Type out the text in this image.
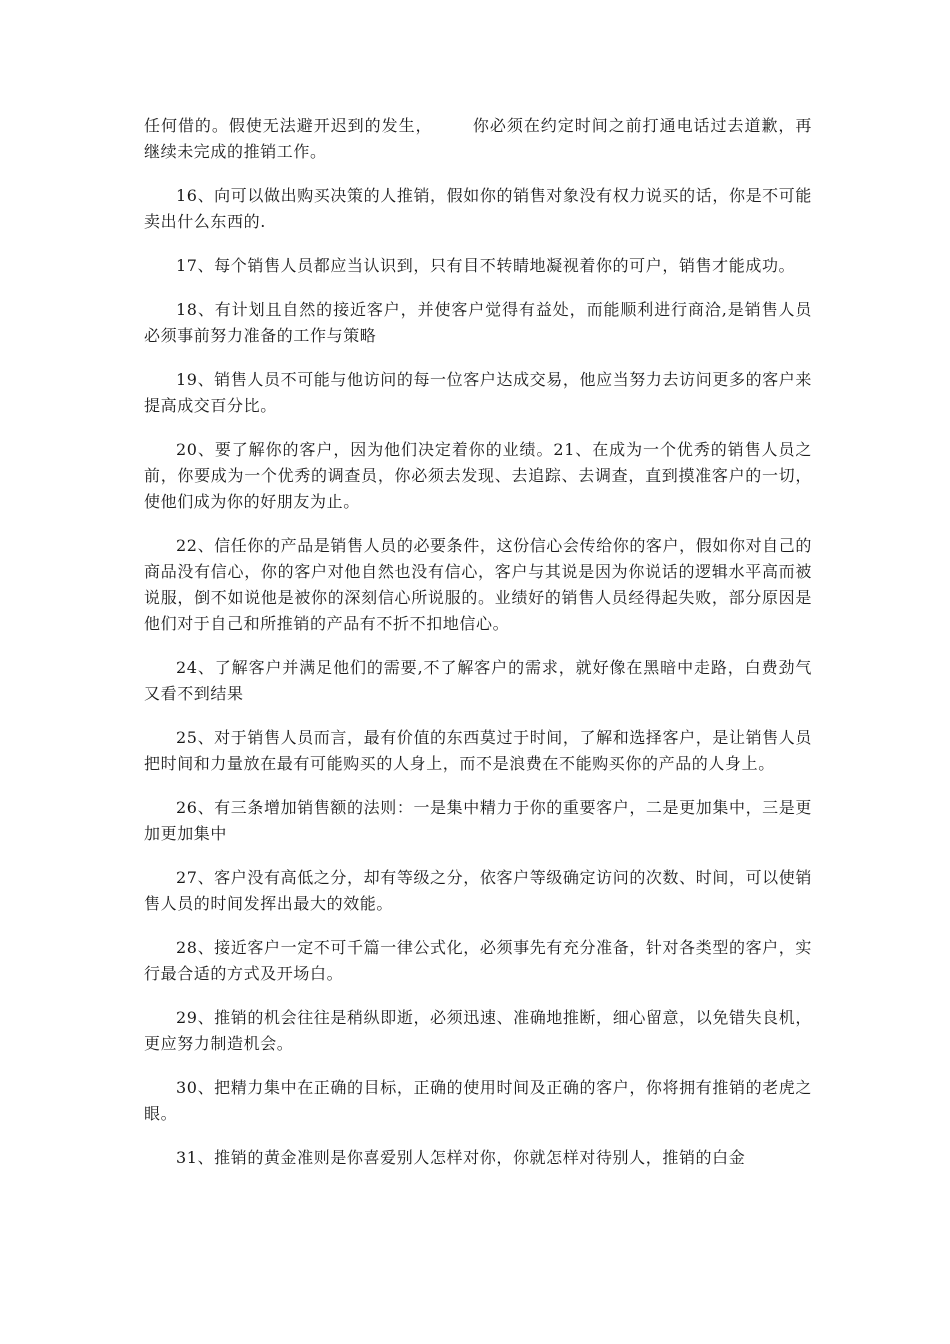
任何借的。假使无法避开迟到的发生，	你必须在约定时间之前打通电话过去道歉，再继续未完成的推销工作。

16、向可以做出购买决策的人推销，假如你的销售对象没有权力说买的话，你是不可能卖出什么东西的.

17、每个销售人员都应当认识到，只有目不转睛地凝视着你的可户，销售才能成功。

18、有计划且自然的接近客户，并使客户觉得有益处，而能顺利进行商洽,是销售人员必须事前努力准备的工作与策略

19、销售人员不可能与他访问的每一位客户达成交易，他应当努力去访问更多的客户来提高成交百分比。

20、要了解你的客户，因为他们决定着你的业绩。21、在成为一个优秀的销售人员之前，你要成为一个优秀的调查员，你必须去发现、去追踪、去调查，直到摸准客户的一切，使他们成为你的好朋友为止。

22、信任你的产品是销售人员的必要条件，这份信心会传给你的客户，假如你对自己的商品没有信心，你的客户对他自然也没有信心，客户与其说是因为你说话的逻辑水平高而被说服，倒不如说他是被你的深刻信心所说服的。业绩好的销售人员经得起失败，部分原因是他们对于自己和所推销的产品有不折不扣地信心。

24、了解客户并满足他们的需要,不了解客户的需求，就好像在黑暗中走路，白费劲气又看不到结果

25、对于销售人员而言，最有价值的东西莫过于时间，了解和选择客户，是让销售人员把时间和力量放在最有可能购买的人身上，而不是浪费在不能购买你的产品的人身上。

26、有三条增加销售额的法则：一是集中精力于你的重要客户，二是更加集中，三是更加更加集中

27、客户没有高低之分，却有等级之分，依客户等级确定访问的次数、时间，可以使销售人员的时间发挥出最大的效能。

28、接近客户一定不可千篇一律公式化，必须事先有充分准备，针对各类型的客户，实行最合适的方式及开场白。

29、推销的机会往往是稍纵即逝，必须迅速、准确地推断，细心留意，以免错失良机，更应努力制造机会。

30、把精力集中在正确的目标，正确的使用时间及正确的客户，你将拥有推销的老虎之眼。

31、推销的黄金准则是你喜爱别人怎样对你，你就怎样对待别人，推销的白金
